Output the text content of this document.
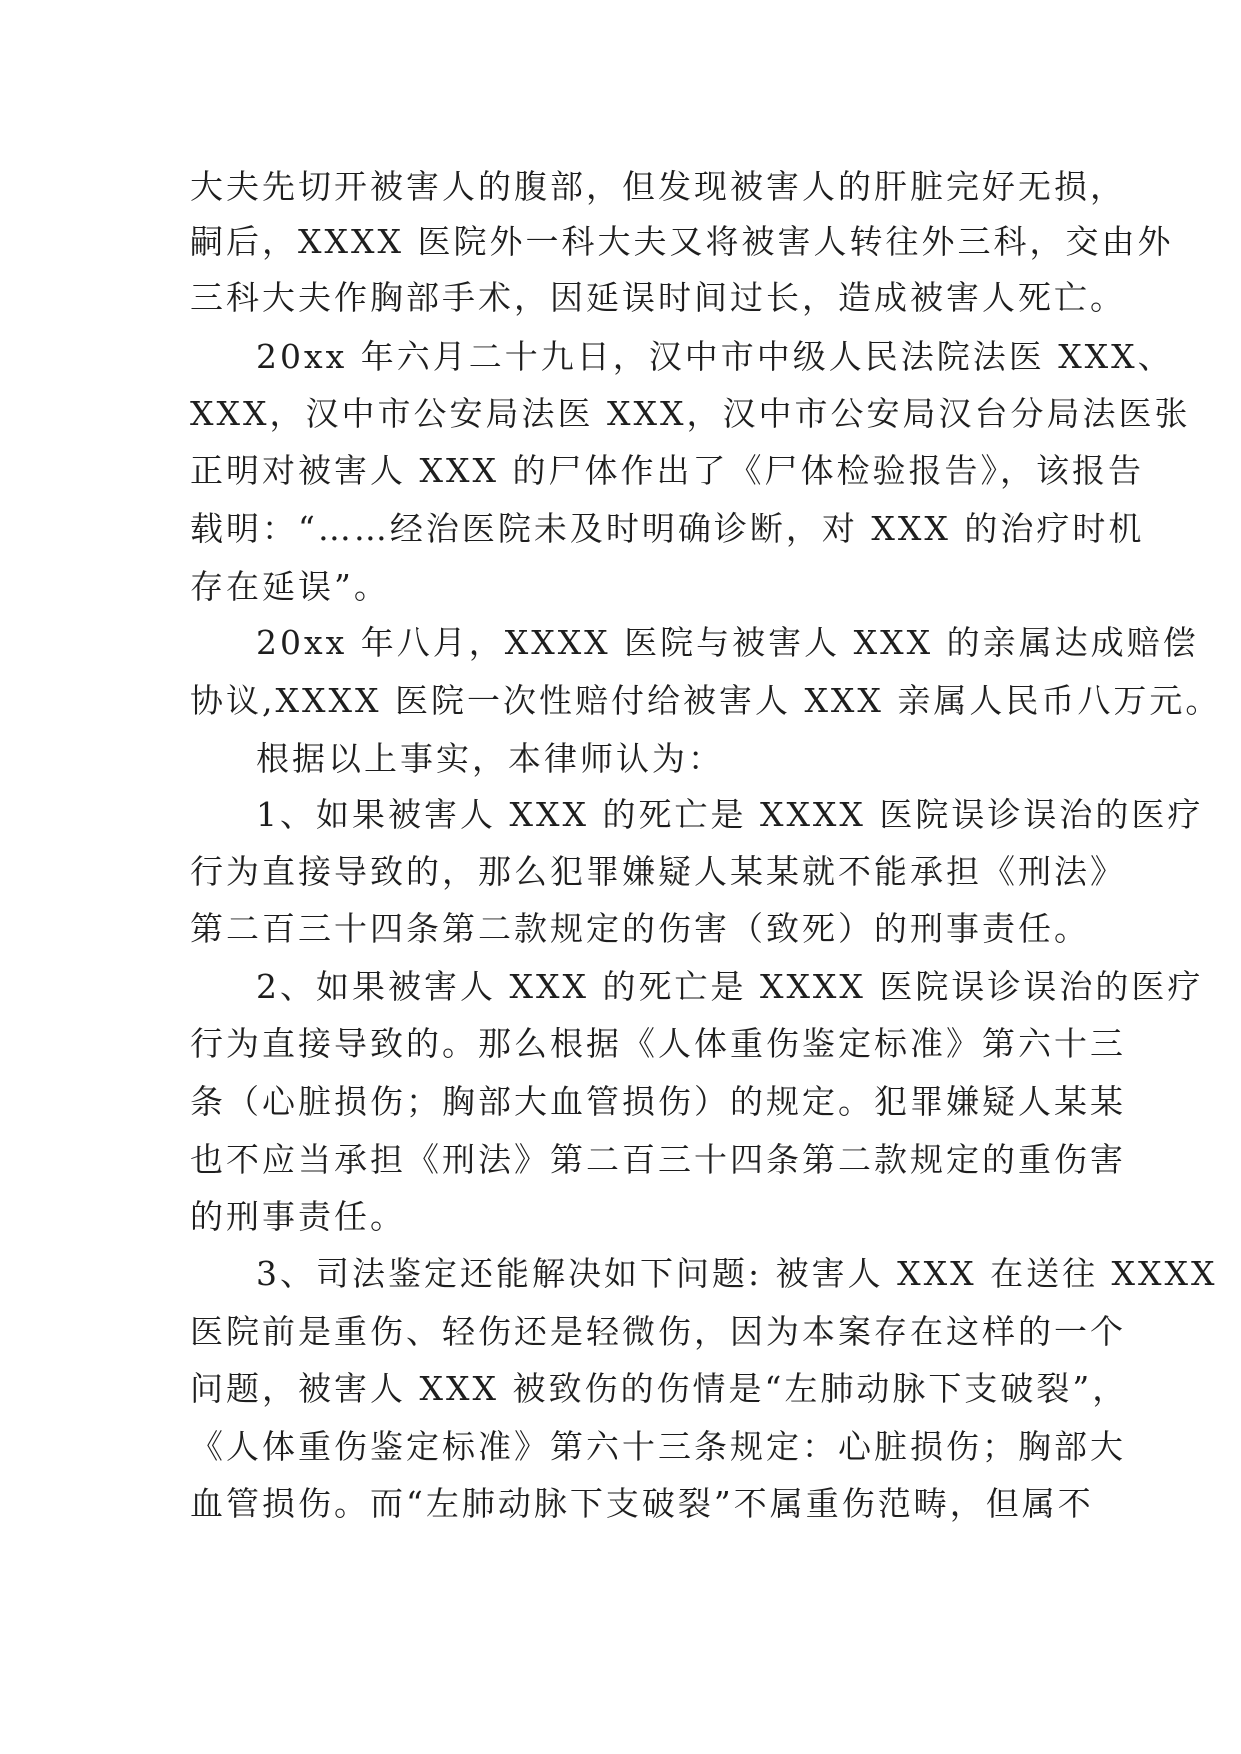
大夫先切开被害人的腹部，但发现被害人的肝脏完好无损，
嗣后，XXXX 医院外一科大夫又将被害人转往外三科，交由外
三科大夫作胸部手术，因延误时间过长，造成被害人死亡。
20xx 年六月二十九日，汉中市中级人民法院法医 XXX、
XXX，汉中市公安局法医 XXX，汉中市公安局汉台分局法医张
正明对被害人 XXX 的尸体作出了《尸体检验报告》，该报告
载明：“……经治医院未及时明确诊断，对 XXX 的治疗时机
存在延误”。
20xx 年八月，XXXX 医院与被害人 XXX 的亲属达成赔偿
协议,XXXX 医院一次性赔付给被害人 XXX 亲属人民币八万元。
根据以上事实，本律师认为：
1、如果被害人 XXX 的死亡是 XXXX 医院误诊误治的医疗
行为直接导致的，那么犯罪嫌疑人某某就不能承担《刑法》
第二百三十四条第二款规定的伤害（致死）的刑事责任。
2、如果被害人 XXX 的死亡是 XXXX 医院误诊误治的医疗
行为直接导致的。那么根据《人体重伤鉴定标准》第六十三
条（心脏损伤；胸部大血管损伤）的规定。犯罪嫌疑人某某
也不应当承担《刑法》第二百三十四条第二款规定的重伤害
的刑事责任。
3、司法鉴定还能解决如下问题: 被害人 XXX 在送往 XXXX
医院前是重伤、轻伤还是轻微伤，因为本案存在这样的一个
问题，被害人 XXX 被致伤的伤情是“左肺动脉下支破裂”，
《人体重伤鉴定标准》第六十三条规定：心脏损伤；胸部大
血管损伤。而“左肺动脉下支破裂”不属重伤范畴，但属不
